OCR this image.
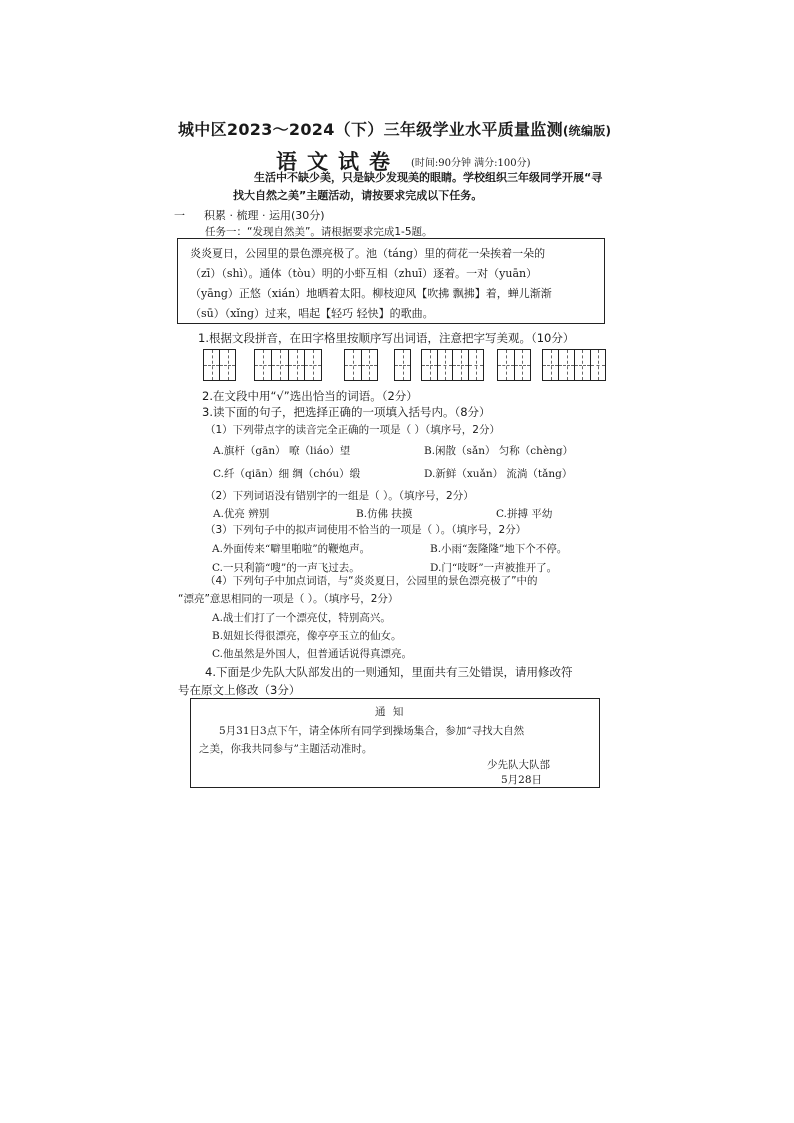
城中区2023～2024（下）三年级学业水平质量监测(统编版)
语文试卷 (时间:90分钟 满分:100分)
生活中不缺少美，只是缺少发现美的眼睛。学校组织三年级同学开展“寻
找大自然之美”主题活动，请按要求完成以下任务。
一 积累 · 梳理 · 运用(30分)
任务一：“发现自然美”。请根据要求完成1-5题。
炎炎夏日，公园里的景色漂亮极了。池（táng）里的荷花一朵挨着一朵的
（zī）（shì）。通体（tòu）明的小虾互相（zhuī）逐着。一对（yuān）
（yāng）正悠（xián）地晒着太阳。柳枝迎风【吹拂 飘拂】着，蝉儿渐渐
（sū）（xǐng）过来，唱起【轻巧 轻快】的歌曲。
1.根据文段拼音，在田字格里按顺序写出词语，注意把字写美观。（10分）
2.在文段中用“√”选出恰当的词语。（2分）
3.读下面的句子，把选择正确的一项填入括号内。（8分）
（1）下列带点字的读音完全正确的一项是（ ）（填序号，2分）
A.旗杆（gān） 嘹（liáo）望	B.闲散（sǎn） 匀称（chèng）
C.纤（qiān）细 绸（chóu）缎	D.新鲜（xuǎn） 流淌（tǎng）
（2）下列词语没有错别字的一组是（ ）。（填序号，2分）
A.优亮 辨别	B.仿佛 扶摸	C.拼搏 平幼
（3）下列句子中的拟声词使用不恰当的一项是（ ）。（填序号，2分）
A.外面传来“噼里啪啦”的鞭炮声。	B.小雨“轰隆隆”地下个不停。
C.一只利箭“嗖”的一声飞过去。	D.门“吱呀”一声被推开了。
（4）下列句子中加点词语，与“炎炎夏日，公园里的景色漂亮极了”中的
“漂亮”意思相同的一项是（ ）。（填序号，2分）
A.战士们打了一个漂亮仗，特别高兴。
B.妞妞长得很漂亮，像亭亭玉立的仙女。
C.他虽然是外国人，但普通话说得真漂亮。
4.下面是少先队大队部发出的一则通知，里面共有三处错误，请用修改符
号在原文上修改（3分）
通 知
5月31日3点下午，请全体所有同学到操场集合，参加“寻找大自然
之美，你我共同参与”主题活动准时。
少先队大队部
5月28日
